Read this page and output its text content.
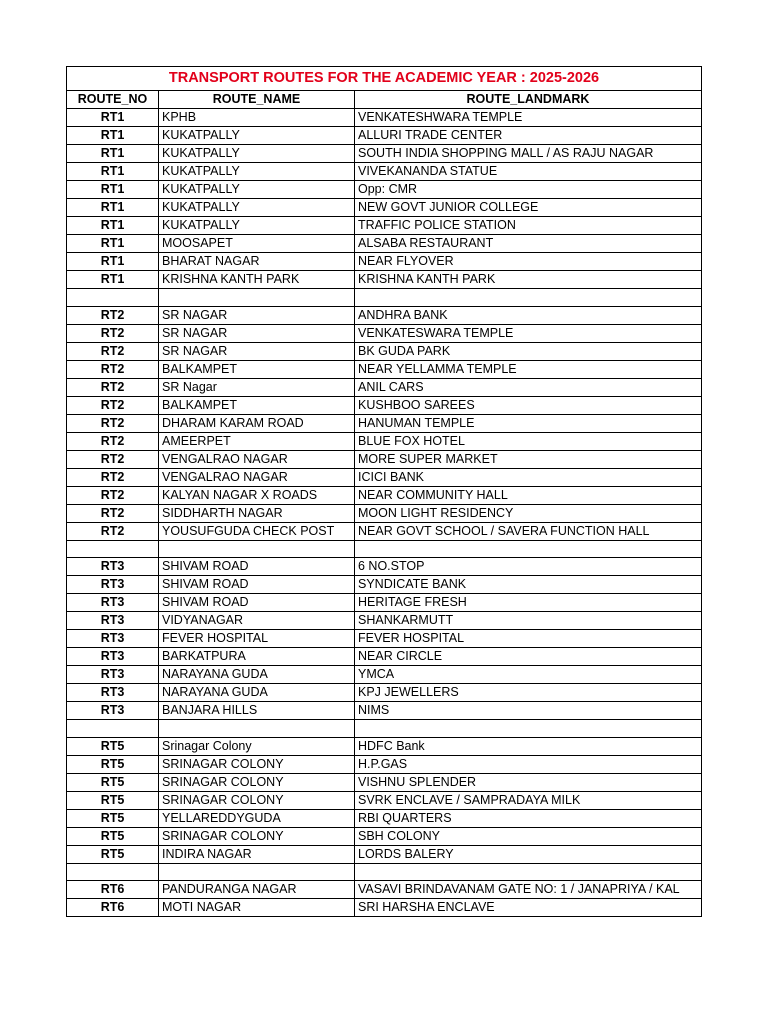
TRANSPORT ROUTES FOR THE ACADEMIC YEAR : 2025-2026		
ROUTE_NO	ROUTE_NAME	ROUTE_LANDMARK
RT1	KPHB	VENKATESHWARA TEMPLE
RT1	KUKATPALLY	ALLURI TRADE CENTER
RT1	KUKATPALLY	SOUTH INDIA SHOPPING MALL / AS RAJU NAGAR
RT1	KUKATPALLY	VIVEKANANDA STATUE
RT1	KUKATPALLY	Opp: CMR
RT1	KUKATPALLY	NEW GOVT JUNIOR COLLEGE
RT1	KUKATPALLY	TRAFFIC POLICE STATION
RT1	MOOSAPET	ALSABA RESTAURANT
RT1	BHARAT NAGAR	NEAR FLYOVER
RT1	KRISHNA KANTH PARK	KRISHNA KANTH PARK

RT2	SR NAGAR	ANDHRA BANK
RT2	SR NAGAR	VENKATESWARA TEMPLE
RT2	SR NAGAR	BK GUDA PARK
RT2	BALKAMPET	NEAR YELLAMMA TEMPLE
RT2	SR Nagar	ANIL CARS
RT2	BALKAMPET	KUSHBOO SAREES
RT2	DHARAM KARAM ROAD	HANUMAN TEMPLE
RT2	AMEERPET	BLUE FOX HOTEL
RT2	VENGALRAO NAGAR	MORE SUPER MARKET
RT2	VENGALRAO NAGAR	ICICI BANK
RT2	KALYAN NAGAR X ROADS	NEAR COMMUNITY HALL
RT2	SIDDHARTH NAGAR	MOON LIGHT RESIDENCY
RT2	YOUSUFGUDA CHECK POST	NEAR GOVT SCHOOL / SAVERA FUNCTION HALL

RT3	SHIVAM ROAD	6 NO.STOP
RT3	SHIVAM ROAD	SYNDICATE BANK
RT3	SHIVAM ROAD	HERITAGE FRESH
RT3	VIDYANAGAR	SHANKARMUTT
RT3	FEVER HOSPITAL	FEVER HOSPITAL
RT3	BARKATPURA	NEAR CIRCLE
RT3	NARAYANA GUDA	YMCA
RT3	NARAYANA GUDA	KPJ JEWELLERS
RT3	BANJARA HILLS	NIMS

RT5	Srinagar Colony	HDFC Bank
RT5	SRINAGAR COLONY	H.P.GAS
RT5	SRINAGAR COLONY	VISHNU SPLENDER
RT5	SRINAGAR COLONY	SVRK ENCLAVE / SAMPRADAYA MILK
RT5	YELLAREDDYGUDA	RBI QUARTERS
RT5	SRINAGAR COLONY	SBH COLONY
RT5	INDIRA NAGAR	LORDS BALERY

RT6	PANDURANGA NAGAR	VASAVI BRINDAVANAM GATE NO: 1 / JANAPRIYA / KAL
RT6	MOTI NAGAR	SRI HARSHA ENCLAVE
